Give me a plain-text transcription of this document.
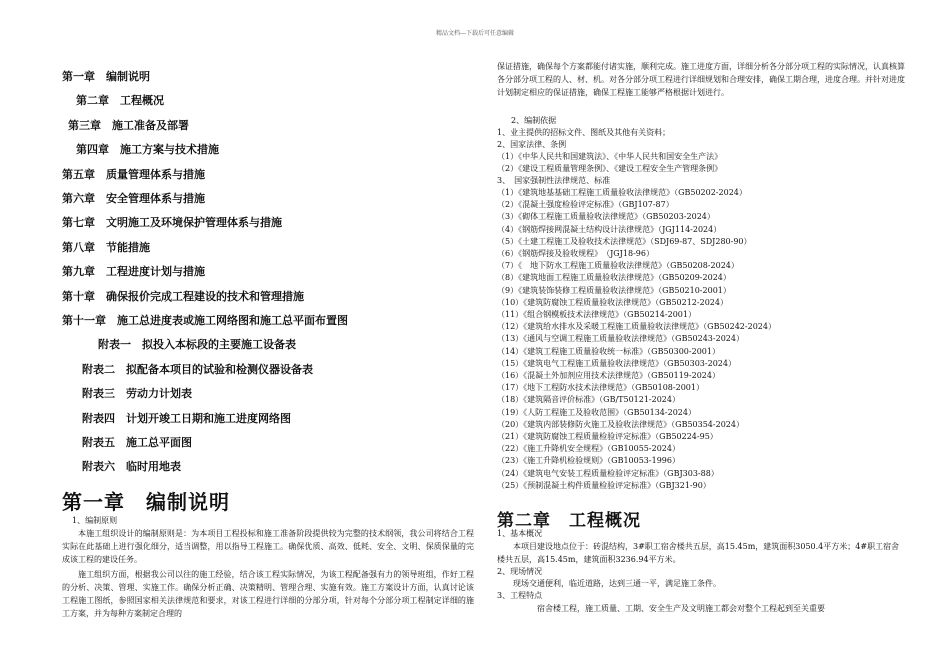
精品文档---下载后可任意编辑
第一章　编制说明
第二章　工程概况
第三章　施工准备及部署
第四章　施工方案与技术措施
第五章　质量管理体系与措施
第六章　安全管理体系与措施
第七章　文明施工及环境保护管理体系与措施
第八章　节能措施
第九章　工程进度计划与措施
第十章　确保报价完成工程建设的技术和管理措施
第十一章　施工总进度表或施工网络图和施工总平面布置图
附表一　拟投入本标段的主要施工设备表
附表二　拟配备本项目的试验和检测仪器设备表
附表三　劳动力计划表
附表四　计划开竣工日期和施工进度网络图
附表五　施工总平面图
附表六　临时用地表
第一章　编制说明
1、编制原则
本施工组织设计的编制原则是：为本项目工程投标和施工准备阶段提供较为完整的技术纲领，我公司将结合工程实际在此基础上进行强化细分，适当调整，用以指导工程施工。确保优质、高效、低耗、安全、文明、保质保量的完成该工程的建设任务。
施工组织方面，根据我公司以往的施工经验，结合该工程实际情况，为该工程配备强有力的领导班组，作好工程的分析、决策、管理、实施工作。确保分析正确、决策精明、管理合理、实施有效。施工方案设计方面，认真讨论该工程施工图纸，参照国家相关法律规范和要求，对该工程进行详细的分部分项，针对每个分部分项工程制定详细的施工方案，并为每种方案制定合理的
保证措施，确保每个方案都能付诸实施，顺利完成。施工进度方面，详细分析各分部分项工程的实际情况，认真核算各分部分项工程的人、材、机。对各分部分项工程进行详细规划和合理安排，确保工期合理，进度合理。并针对进度计划制定相应的保证措施，确保工程施工能够严格根据计划进行。
2、编制依据
1、业主提供的招标文件、图纸及其他有关资料；
2、国家法律、条例
（1）《中华人民共和国建筑法》、《中华人民共和国安全生产法》
（2）《建设工程质量管理条例》、《建设工程安全生产管理条例》
3、　国家强制性法律规范、标准
（1）《建筑地基基础工程施工质量验收法律规范》（GB50202-2024）
（2）《混凝土强度检验评定标准》（GBJ107-87）
（3）《砌体工程施工质量验收法律规范》（GB50203-2024）
（4）《钢筋焊接网混凝土结构设计法律规范》（JGJ114-2024）
（5）《土建工程施工及验收技术法律规范》（SDJ69-87、SDJ280-90）
（6）《钢筋焊接及验收规程》　（JGJ18-96）
（7）《　地下防水工程施工质量验收法律规范》（GB50208-2024）
（8）《建筑地面工程施工质量验收法律规范》（GB50209-2024）
（9）《建筑装饰装修工程质量验收法律规范》（GB50210-2001）
（10）《建筑防腐蚀工程质量验收法律规范》（GB50212-2024）
（11）《组合钢模板技术法律规范》（GB50214-2001）
（12）《建筑给水排水及采暖工程施工质量验收法律规范》（GB50242-2024）
（13）《通风与空调工程施工质量验收法律规范》（GB50243-2024）
（14）《建筑工程施工质量验收统一标准》（GB50300-2001）
（15）《建筑电气工程施工质量验收法律规范》（GB50303-2024）
（16）《混凝土外加剂应用技术法律规范》（GB50119-2024）
（17）《地下工程防水技术法律规范》（GB50108-2001）
（18）《建筑隔音评价标准》（GB/T50121-2024）
（19）《人防工程施工及验收范围》（GB50134-2024）
（20）《建筑内部装修防火施工及验收法律规范》（GB50354-2024）
（21）《建筑防腐蚀工程质量检验评定标准》（GB50224-95）
（22）《施工升降机安全规程》（GB10055-2024）
（23）《施工升降机检验规则》（GB10053-1996）
（24）《建筑电气安装工程质量检验评定标准》（GBJ303-88）
（25）《预制混凝土构件质量检验评定标准》（GBJ321-90）
第二章　工程概况
1、基本概况
本项目建设地点位于：砖混结构，3#职工宿舍楼共五层，高15.45m，建筑面积3050.4平方米；4#职工宿舍楼共五层，高15.45m，建筑面积3236.94平方米。
2、现场情况
现场交通便利，临近道路，达到三通一平，满足施工条件。
3、工程特点
宿舍楼工程，施工质量、工期、安全生产及文明施工都会对整个工程起到至关重要
